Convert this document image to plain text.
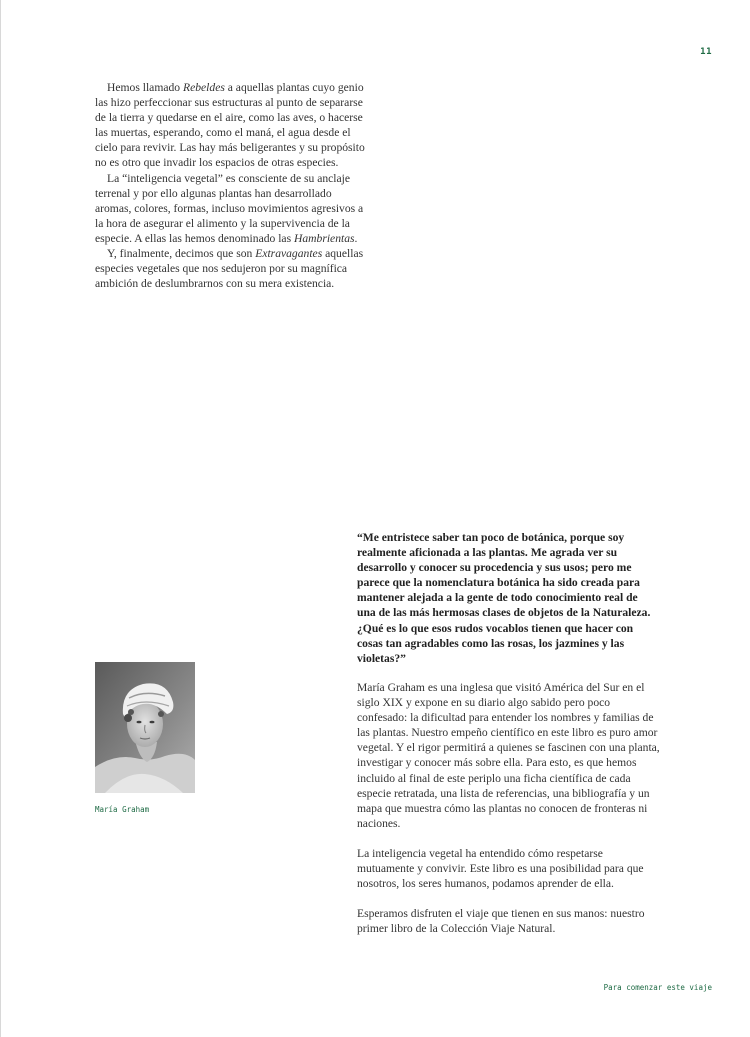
11

Hemos llamado Rebeldes a aquellas plantas cuyo genio las hizo perfeccionar sus estructuras al punto de separarse de la tierra y quedarse en el aire, como las aves, o hacerse las muertas, esperando, como el maná, el agua desde el cielo para revivir. Las hay más beligerantes y su propósito no es otro que invadir los espacios de otras especies.

La “inteligencia vegetal” es consciente de su anclaje terrenal y por ello algunas plantas han desarrollado aromas, colores, formas, incluso movimientos agresivos a la hora de asegurar el alimento y la supervivencia de la especie. A ellas las hemos denominado las Hambrientas.

Y, finalmente, decimos que son Extravagantes aquellas especies vegetales que nos sedujeron por su magnífica ambición de deslumbrarnos con su mera existencia.

“Me entristece saber tan poco de botánica, porque soy realmente aficionada a las plantas. Me agrada ver su desarrollo y conocer su procedencia y sus usos; pero me parece que la nomenclatura botánica ha sido creada para mantener alejada a la gente de todo conocimiento real de una de las más hermosas clases de objetos de la Naturaleza. ¿Qué es lo que esos rudos vocablos tienen que hacer con cosas tan agradables como las rosas, los jazmines y las violetas?”

María Graham es una inglesa que visitó América del Sur en el siglo XIX y expone en su diario algo sabido pero poco confesado: la dificultad para entender los nombres y familias de las plantas. Nuestro empeño científico en este libro es puro amor vegetal. Y el rigor permitirá a quienes se fascinen con una planta, investigar y conocer más sobre ella. Para esto, es que hemos incluido al final de este periplo una ficha científica de cada especie retratada, una lista de referencias, una bibliografía y un mapa que muestra cómo las plantas no conocen de fronteras ni naciones.

La inteligencia vegetal ha entendido cómo respetarse mutuamente y convivir. Este libro es una posibilidad para que nosotros, los seres humanos, podamos aprender de ella.

Esperamos disfruten el viaje que tienen en sus manos: nuestro primer libro de la Colección Viaje Natural.

María Graham
Para comenzar este viaje
